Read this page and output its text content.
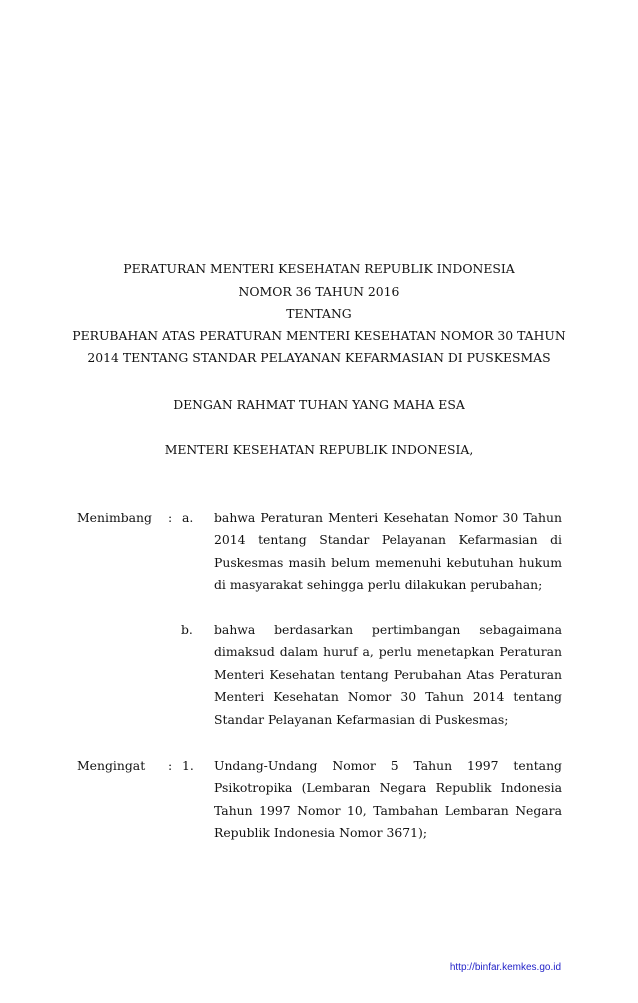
PERATURAN MENTERI KESEHATAN REPUBLIK INDONESIA
NOMOR 36 TAHUN 2016
TENTANG
PERUBAHAN ATAS PERATURAN MENTERI KESEHATAN NOMOR 30 TAHUN
2014 TENTANG STANDAR PELAYANAN KEFARMASIAN DI PUSKESMAS
DENGAN RAHMAT TUHAN YANG MAHA ESA
MENTERI KESEHATAN REPUBLIK INDONESIA,
Menimbang : a. bahwa Peraturan Menteri Kesehatan Nomor 30 Tahun 2014 tentang Standar Pelayanan Kefarmasian di Puskesmas masih belum memenuhi kebutuhan hukum di masyarakat sehingga perlu dilakukan perubahan;
b. bahwa berdasarkan pertimbangan sebagaimana dimaksud dalam huruf a, perlu menetapkan Peraturan Menteri Kesehatan tentang Perubahan Atas Peraturan Menteri Kesehatan Nomor 30 Tahun 2014 tentang Standar Pelayanan Kefarmasian di Puskesmas;
Mengingat : 1. Undang-Undang Nomor 5 Tahun 1997 tentang Psikotropika (Lembaran Negara Republik Indonesia Tahun 1997 Nomor 10, Tambahan Lembaran Negara Republik Indonesia Nomor 3671);
http://binfar.kemkes.go.id
